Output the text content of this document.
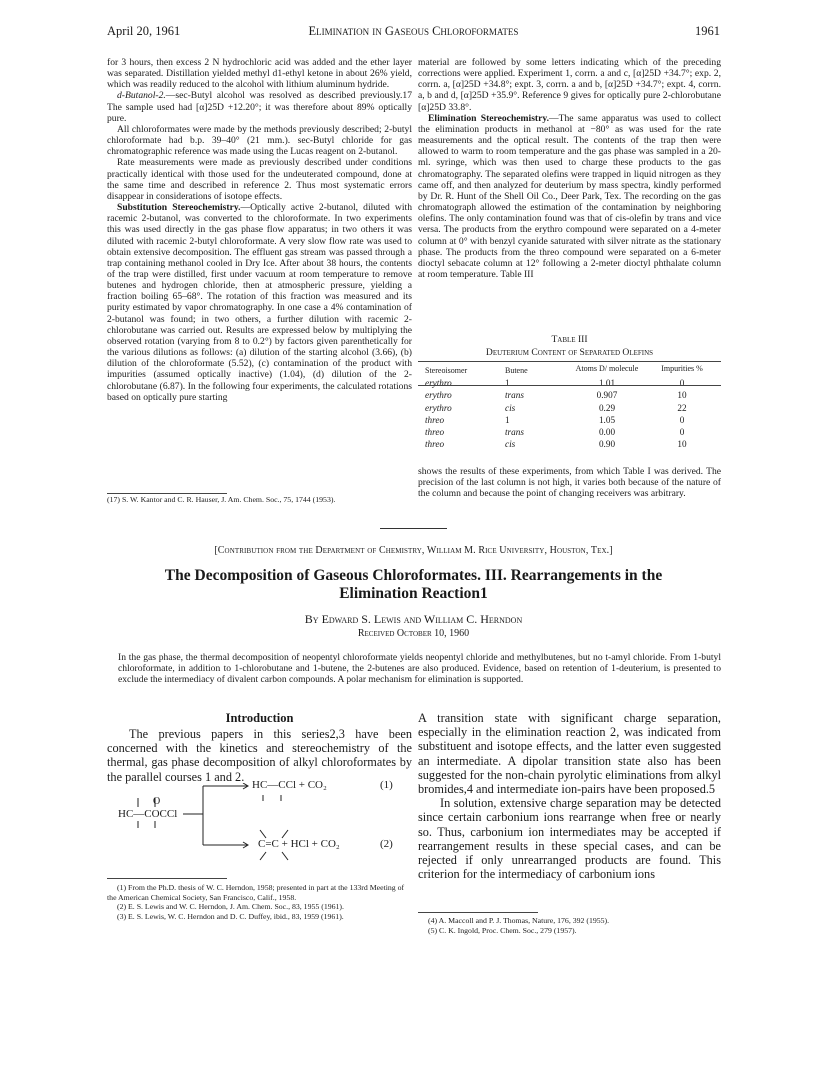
April 20, 1961	Elimination in Gaseous Chloroformates	1961

for 3 hours, then excess 2 N hydrochloric acid was added and the ether layer was separated. Distillation yielded methyl d1-ethyl ketone in about 26% yield, which was readily reduced to the alcohol with lithium aluminum hydride.

d-Butanol-2.—sec-Butyl alcohol was resolved as described previously.17 The sample used had [α]25D +12.20°; it was therefore about 89% optically pure.

All chloroformates were made by the methods previously described; 2-butyl chloroformate had b.p. 39–40° (21 mm.). sec-Butyl chloride for gas chromatographic reference was made using the Lucas reagent on 2-butanol.

Rate measurements were made as previously described under conditions practically identical with those used for the undeuterated compound, done at the same time and described in reference 2. Thus most systematic errors disappear in considerations of isotope effects.

Substitution Stereochemistry.—Optically active 2-butanol, diluted with racemic 2-butanol, was converted to the chloroformate. In two experiments this was used directly in the gas phase flow apparatus; in two others it was diluted with racemic 2-butyl chloroformate. A very slow flow rate was used to obtain extensive decomposition. The effluent gas stream was passed through a trap containing methanol cooled in Dry Ice. After about 38 hours, the contents of the trap were distilled, first under vacuum at room temperature to remove butenes and hydrogen chloride, then at atmospheric pressure, yielding a fraction boiling 65–68°. The rotation of this fraction was measured and its purity estimated by vapor chromatography. In one case a 4% contamination of 2-butanol was found; in two others, a further dilution with racemic 2-chlorobutane was carried out. Results are expressed below by multiplying the observed rotation (varying from 8 to 0.2°) by factors given parenthetically for the various dilutions as follows: (a) dilution of the starting alcohol (3.66), (b) dilution of the chloroformate (5.52), (c) contamination of the product with impurities (assumed optically inactive) (1.04), (d) dilution of the 2-chlorobutane (6.87). In the following four experiments, the calculated rotations based on optically pure starting

(17) S. W. Kantor and C. R. Hauser, J. Am. Chem. Soc., 75, 1744 (1953).

material are followed by some letters indicating which of the preceding corrections were applied. Experiment 1, corrn. a and c, [α]25D +34.7°; exp. 2, corrn. a, [α]25D +34.8°; expt. 3, corrn. a and b, [α]25D +34.7°; expt. 4, corrn. a, b and d, [α]25D +35.9°. Reference 9 gives for optically pure 2-chlorobutane [α]25D 33.8°.

Elimination Stereochemistry.—The same apparatus was used to collect the elimination products in methanol at −80° as was used for the rate measurements and the optical result. The contents of the trap then were allowed to warm to room temperature and the gas phase was sampled in a 20-ml. syringe, which was then used to charge these products to the gas chromatography. The separated olefins were trapped in liquid nitrogen as they came off, and then analyzed for deuterium by mass spectra, kindly performed by Dr. R. Hunt of the Shell Oil Co., Deer Park, Tex. The recording on the gas chromatograph allowed the estimation of the contamination by neighboring olefins. The only contamination found was that of cis-olefin by trans and vice versa. The products from the erythro compound were separated on a 4-meter column at 0° with benzyl cyanide saturated with silver nitrate as the stationary phase. The products from the threo compound were separated on a 6-meter dioctyl sebacate column at 12° following a 2-meter dioctyl phthalate column at room temperature. Table III

Table III
Deuterium Content of Separated Olefins
Stereoisomer	Butene	Atoms D/ molecule	Impurities %
erythro	1	1.01	0
erythro	trans	0.907	10
erythro	cis	0.29	22
threo	1	1.05	0
threo	trans	0.00	0
threo	cis	0.90	10

shows the results of these experiments, from which Table I was derived. The precision of the last column is not high, it varies both because of the nature of the column and because the point of changing receivers was arbitrary.

[Contribution from the Department of Chemistry, William M. Rice University, Houston, Tex.]
The Decomposition of Gaseous Chloroformates. III. Rearrangements in the
Elimination Reaction1
By Edward S. Lewis and William C. Herndon
Received October 10, 1960

In the gas phase, the thermal decomposition of neopentyl chloroformate yields neopentyl chloride and methylbutenes, but no t-amyl chloride. From 1-butyl chloroformate, in addition to 1-chlorobutane and 1-butene, the 2-butenes are also produced. Evidence, based on retention of 1-deuterium, is presented to exclude the intermediacy of divalent carbon compounds. A polar mechanism for elimination is supported.

Introduction

The previous papers in this series2,3 have been concerned with the kinetics and stereochemistry of the thermal, gas phase decomposition of alkyl chloroformates by the parallel courses 1 and 2.

O
HC—COCCl
HC—CCl + CO₂	(1)
C=C + HCl + CO₂	(2)

(1) From the Ph.D. thesis of W. C. Herndon, 1958; presented in part at the 133rd Meeting of the American Chemical Society, San Francisco, Calif., 1958.

(2) E. S. Lewis and W. C. Herndon, J. Am. Chem. Soc., 83, 1955 (1961).

(3) E. S. Lewis, W. C. Herndon and D. C. Duffey, ibid., 83, 1959 (1961).

A transition state with significant charge separation, especially in the elimination reaction 2, was indicated from substituent and isotope effects, and the latter even suggested an intermediate. A dipolar transition state also has been suggested for the non-chain pyrolytic eliminations from alkyl bromides,4 and intermediate ion-pairs have been proposed.5

In solution, extensive charge separation may be detected since certain carbonium ions rearrange when free or nearly so. Thus, carbonium ion intermediates may be accepted if rearrangement results in these special cases, and can be rejected if only unrearranged products are found. This criterion for the intermediacy of carbonium ions

(4) A. Maccoll and P. J. Thomas, Nature, 176, 392 (1955).

(5) C. K. Ingold, Proc. Chem. Soc., 279 (1957).
